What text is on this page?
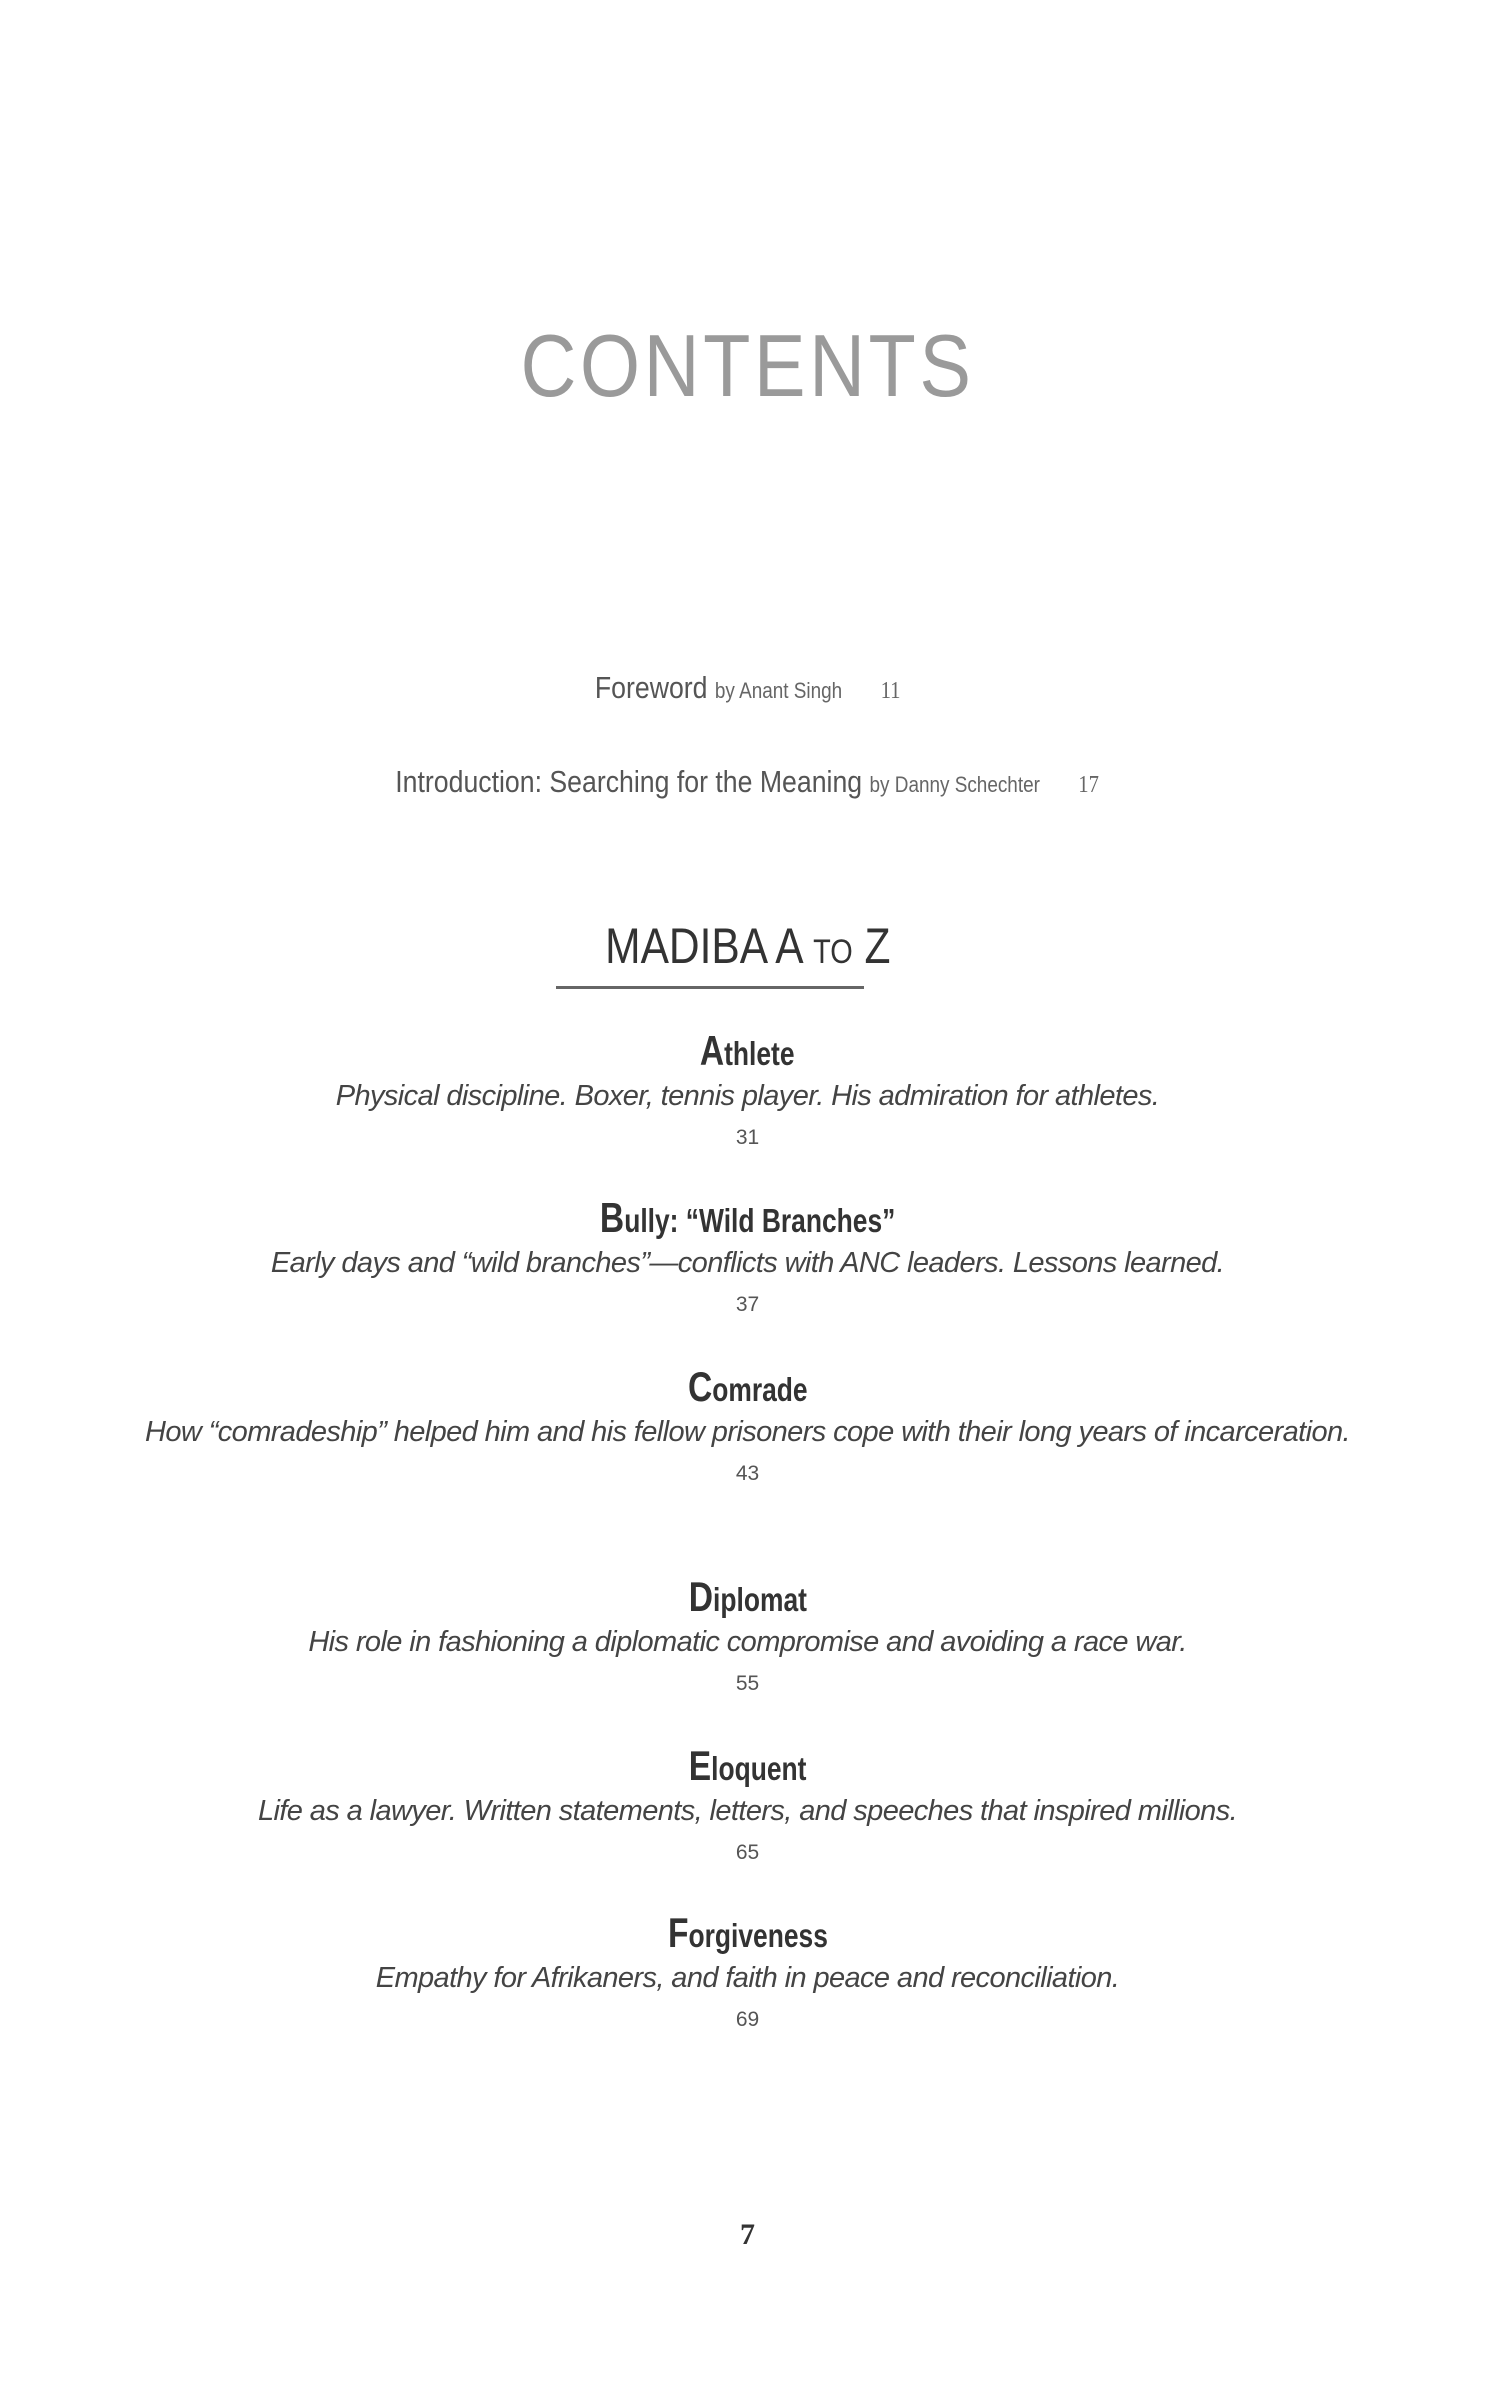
CONTENTS
Foreword by Anant Singh 11
Introduction: Searching for the Meaning by Danny Schechter 17
MADIBA A TO Z
Athlete
Physical discipline. Boxer, tennis player. His admiration for athletes.
31
Bully: “Wild Branches”
Early days and “wild branches”—conflicts with ANC leaders. Lessons learned.
37
Comrade
How “comradeship” helped him and his fellow prisoners cope with their long years of incarceration.
43
Diplomat
His role in fashioning a diplomatic compromise and avoiding a race war.
55
Eloquent
Life as a lawyer. Written statements, letters, and speeches that inspired millions.
65
Forgiveness
Empathy for Afrikaners, and faith in peace and reconciliation.
69
7
